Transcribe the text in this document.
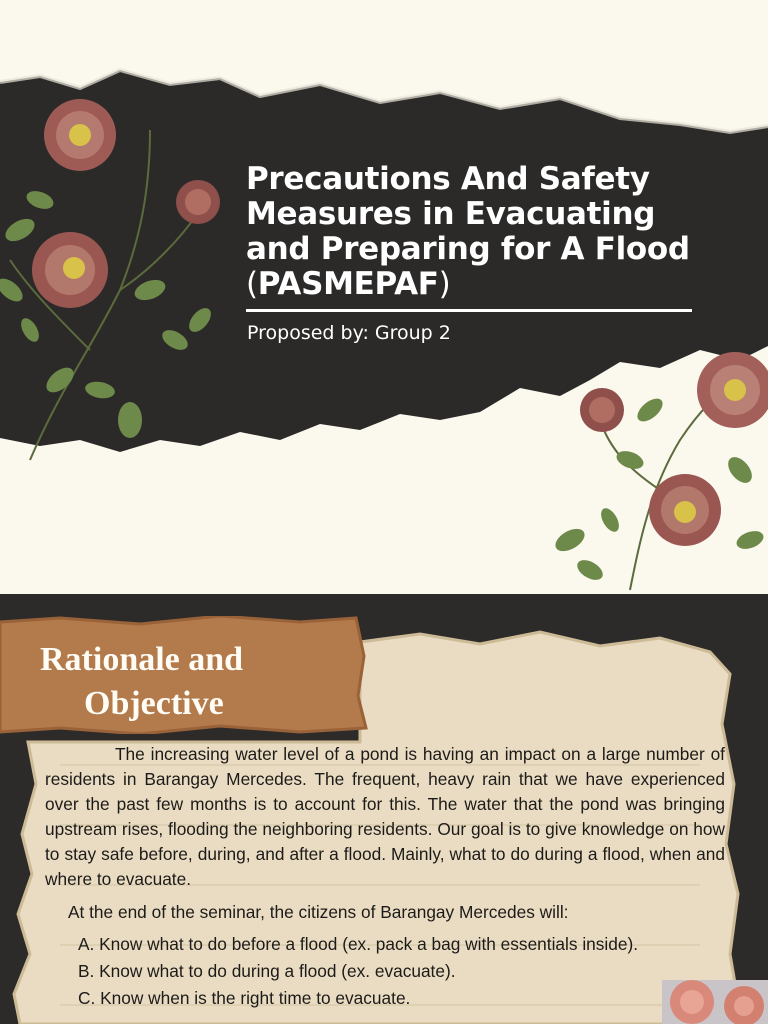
Precautions And Safety
Measures in Evacuating
and Preparing for A Flood
(PASMEPAF)
Proposed by: Group 2
Rationale and
Objective

The increasing water level of a pond is having an impact on a large number of residents in Barangay Mercedes. The frequent, heavy rain that we have experienced over the past few months is to account for this. The water that the pond was bringing upstream rises, flooding the neighboring residents. Our goal is to give knowledge on how to stay safe before, during, and after a flood. Mainly, what to do during a flood, when and where to evacuate.

At the end of the seminar, the citizens of Barangay Mercedes will:

A. Know what to do before a flood (ex. pack a bag with essentials inside).
B. Know what to do during a flood (ex. evacuate).
C. Know when is the right time to evacuate.
